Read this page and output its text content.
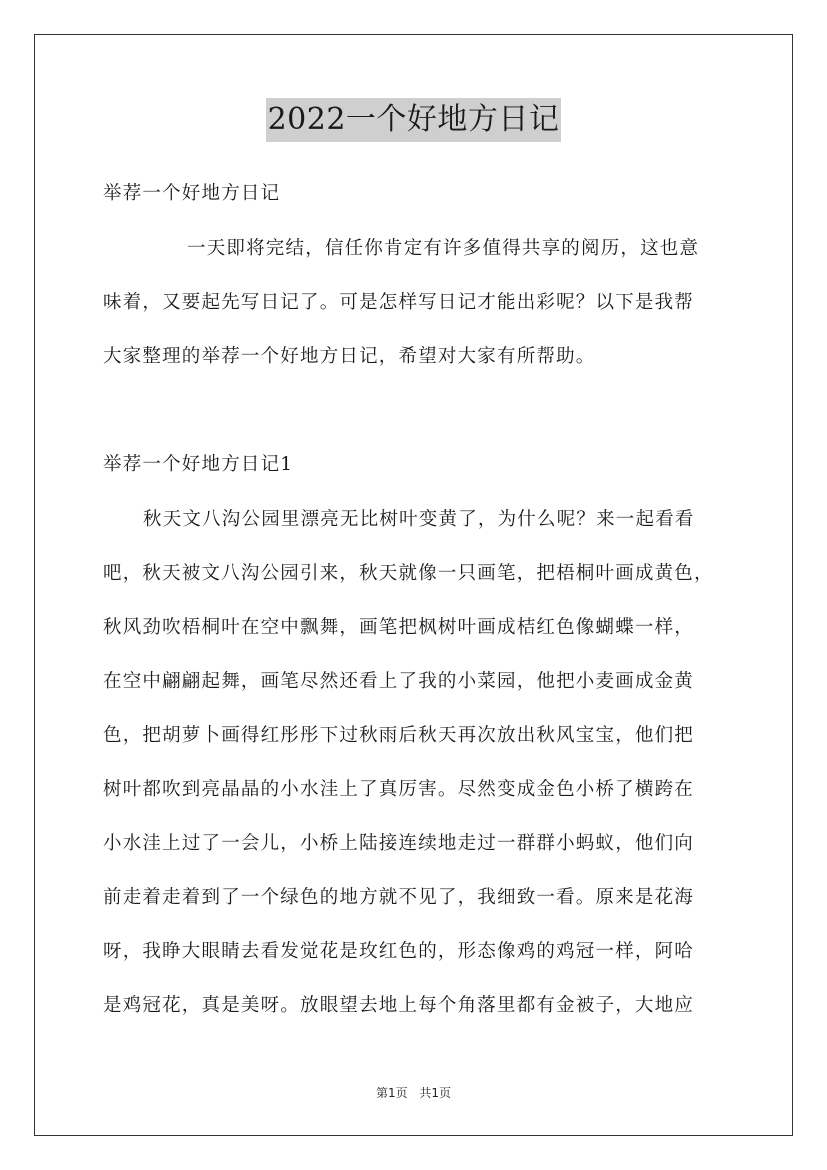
2022一个好地方日记
举荐一个好地方日记
一天即将完结，信任你肯定有许多值得共享的阅历，这也意
味着，又要起先写日记了。可是怎样写日记才能出彩呢？以下是我帮
大家整理的举荐一个好地方日记，希望对大家有所帮助。
举荐一个好地方日记1
秋天文八沟公园里漂亮无比树叶变黄了，为什么呢？来一起看看
吧，秋天被文八沟公园引来，秋天就像一只画笔，把梧桐叶画成黄色，
秋风劲吹梧桐叶在空中飘舞，画笔把枫树叶画成桔红色像蝴蝶一样，
在空中翩翩起舞，画笔尽然还看上了我的小菜园，他把小麦画成金黄
色，把胡萝卜画得红彤彤下过秋雨后秋天再次放出秋风宝宝，他们把
树叶都吹到亮晶晶的小水洼上了真厉害。尽然变成金色小桥了横跨在
小水洼上过了一会儿，小桥上陆接连续地走过一群群小蚂蚁，他们向
前走着走着到了一个绿色的地方就不见了，我细致一看。原来是花海
呀，我睁大眼睛去看发觉花是玫红色的，形态像鸡的鸡冠一样，阿哈
是鸡冠花，真是美呀。放眼望去地上每个角落里都有金被子，大地应
第1页 共1页
